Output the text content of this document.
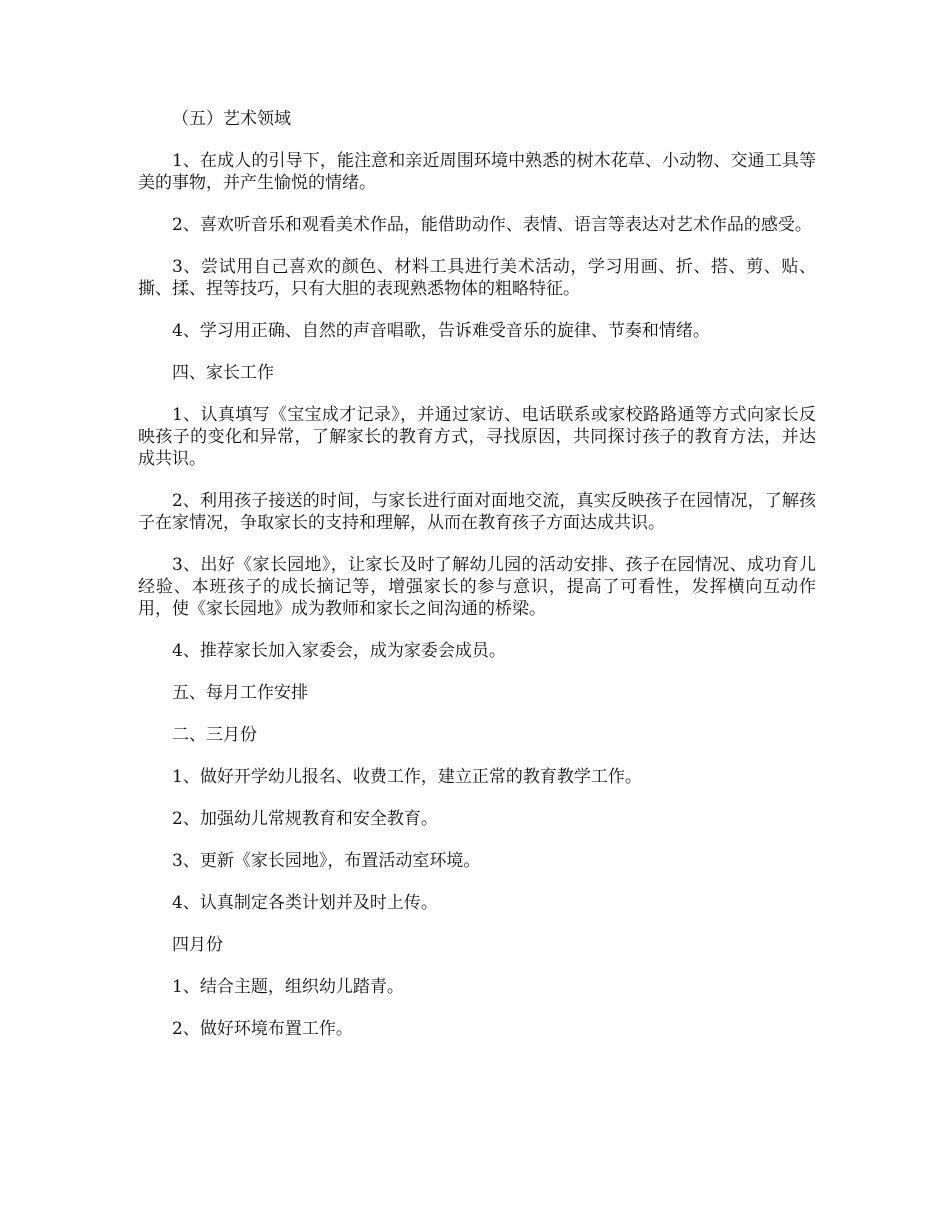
（五）艺术领域

1、在成人的引导下，能注意和亲近周围环境中熟悉的树木花草、小动物、交通工具等美的事物，并产生愉悦的情绪。

2、喜欢听音乐和观看美术作品，能借助动作、表情、语言等表达对艺术作品的感受。

3、尝试用自己喜欢的颜色、材料工具进行美术活动，学习用画、折、搭、剪、贴、撕、揉、捏等技巧，只有大胆的表现熟悉物体的粗略特征。

4、学习用正确、自然的声音唱歌，告诉难受音乐的旋律、节奏和情绪。

四、家长工作

1、认真填写《宝宝成才记录》，并通过家访、电话联系或家校路路通等方式向家长反映孩子的变化和异常，了解家长的教育方式，寻找原因，共同探讨孩子的教育方法，并达成共识。

2、利用孩子接送的时间，与家长进行面对面地交流，真实反映孩子在园情况，了解孩子在家情况，争取家长的支持和理解，从而在教育孩子方面达成共识。

3、出好《家长园地》，让家长及时了解幼儿园的活动安排、孩子在园情况、成功育儿经验、本班孩子的成长摘记等，增强家长的参与意识，提高了可看性，发挥横向互动作用，使《家长园地》成为教师和家长之间沟通的桥梁。

4、推荐家长加入家委会，成为家委会成员。

五、每月工作安排

二、三月份

1、做好开学幼儿报名、收费工作，建立正常的教育教学工作。

2、加强幼儿常规教育和安全教育。

3、更新《家长园地》，布置活动室环境。

4、认真制定各类计划并及时上传。

四月份

1、结合主题，组织幼儿踏青。

2、做好环境布置工作。
